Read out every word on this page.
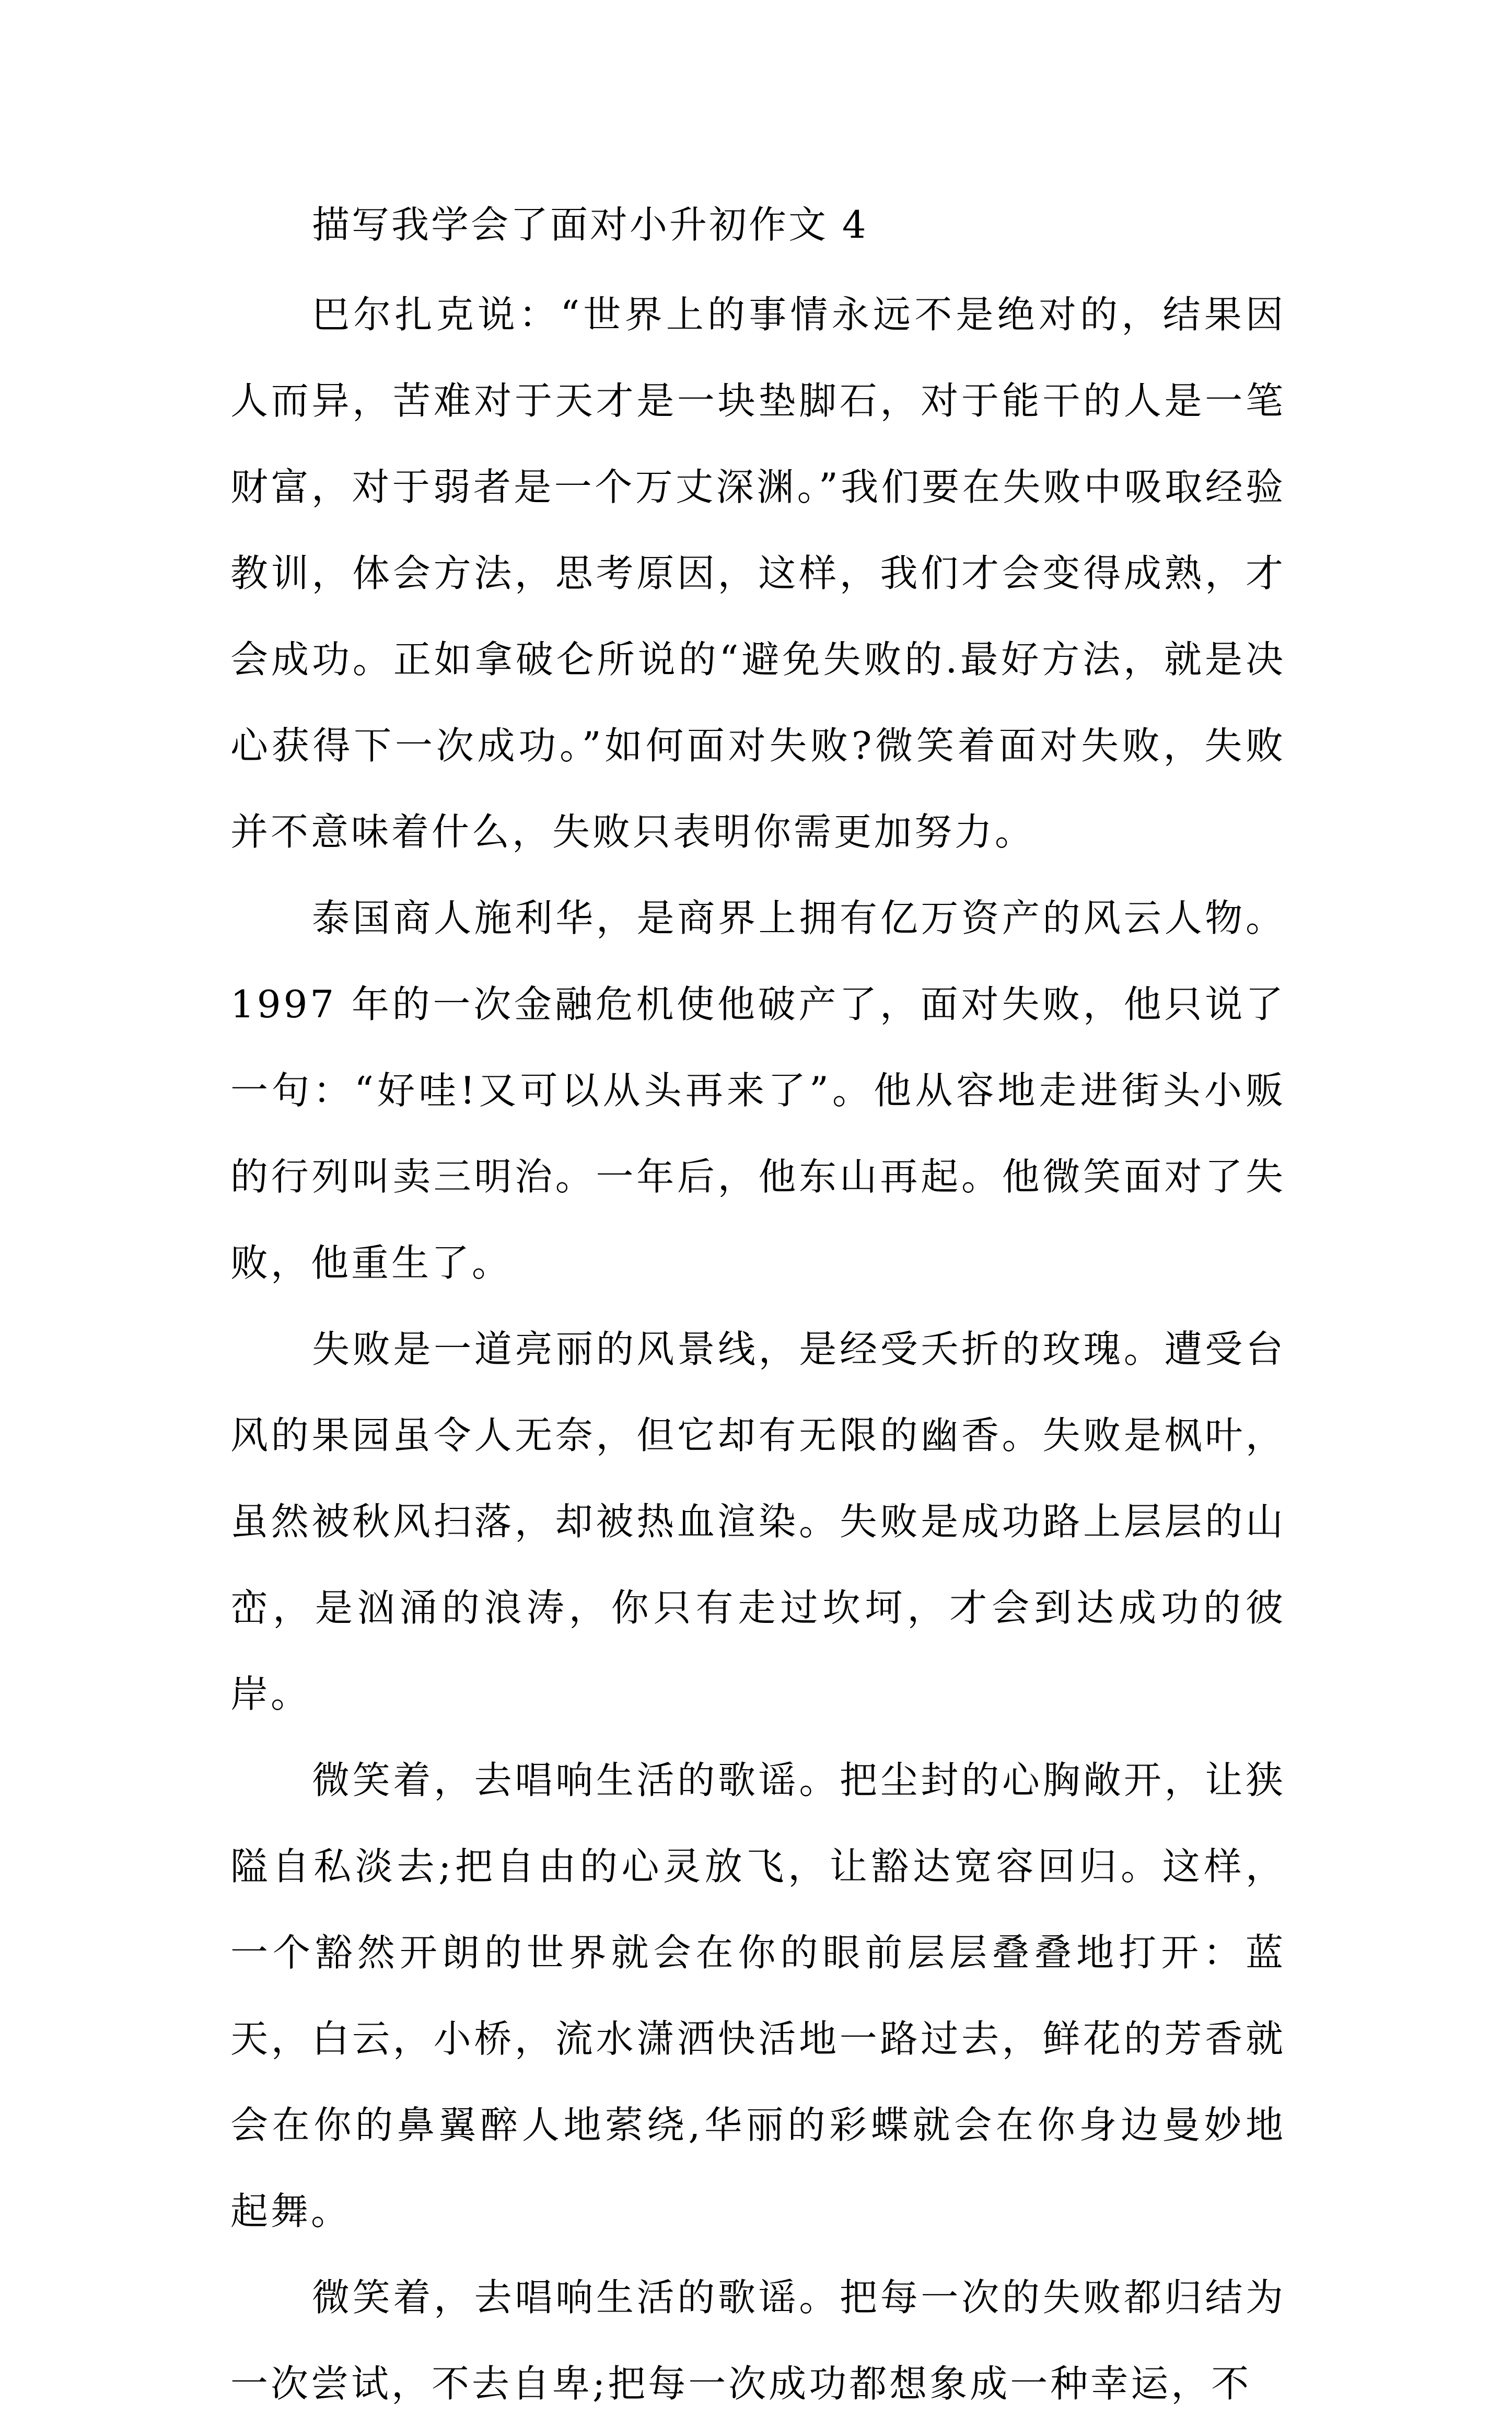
描写我学会了面对小升初作文 4

巴尔扎克说：“世界上的事情永远不是绝对的，结果因人而异，苦难对于天才是一块垫脚石，对于能干的人是一笔财富，对于弱者是一个万丈深渊。”我们要在失败中吸取经验教训，体会方法，思考原因，这样，我们才会变得成熟，才会成功。正如拿破仑所说的“避免失败的.最好方法，就是决心获得下一次成功。”如何面对失败?微笑着面对失败，失败并不意味着什么，失败只表明你需更加努力。

泰国商人施利华，是商界上拥有亿万资产的风云人物。1997 年的一次金融危机使他破产了，面对失败，他只说了一句：“好哇!又可以从头再来了”。他从容地走进街头小贩的行列叫卖三明治。一年后，他东山再起。他微笑面对了失败，他重生了。

失败是一道亮丽的风景线，是经受夭折的玫瑰。遭受台风的果园虽令人无奈，但它却有无限的幽香。失败是枫叶，虽然被秋风扫落，却被热血渲染。失败是成功路上层层的山峦，是汹涌的浪涛，你只有走过坎坷，才会到达成功的彼岸。

微笑着，去唱响生活的歌谣。把尘封的心胸敞开，让狭隘自私淡去;把自由的心灵放飞，让豁达宽容回归。这样，一个豁然开朗的世界就会在你的眼前层层叠叠地打开：蓝天，白云，小桥，流水潇洒快活地一路过去，鲜花的芳香就会在你的鼻翼醉人地萦绕,华丽的彩蝶就会在你身边曼妙地起舞。

微笑着，去唱响生活的歌谣。把每一次的失败都归结为一次尝试，不去自卑;把每一次成功都想象成一种幸运，不
